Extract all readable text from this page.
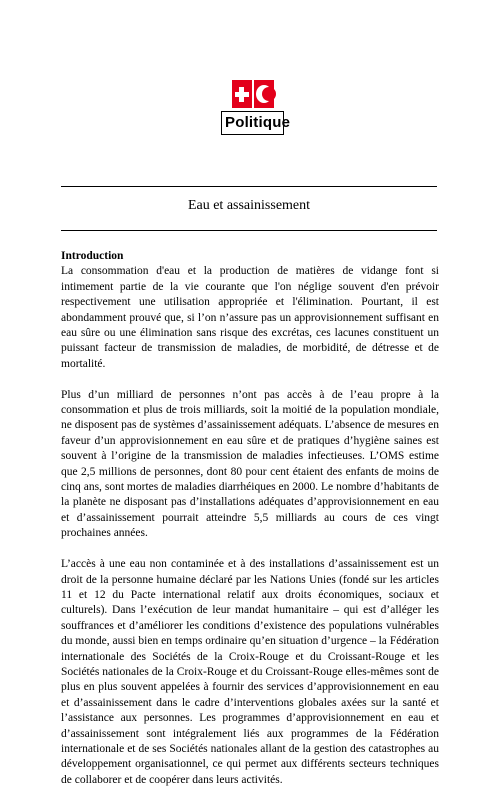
Politique
Eau et assainissement
Introduction

La consommation d'eau et la production de matières de vidange font si intimement partie de la vie courante que l'on néglige souvent d'en prévoir respectivement une utilisation appropriée et l'élimination. Pourtant, il est abondamment prouvé que, si l’on n’assure pas un approvisionnement suffisant en eau sûre ou une élimination sans risque des excrétas, ces lacunes constituent un puissant facteur de transmission de maladies, de morbidité, de détresse et de mortalité.

Plus d’un milliard de personnes n’ont pas accès à de l’eau propre à la consommation et plus de trois milliards, soit la moitié de la population mondiale, ne disposent pas de systèmes d’assainissement adéquats. L’absence de mesures en faveur d’un approvisionnement en eau sûre et de pratiques d’hygiène saines est souvent à l’origine de la transmission de maladies infectieuses. L’OMS estime que 2,5 millions de personnes, dont 80 pour cent étaient des enfants de moins de cinq ans, sont mortes de maladies diarrhéiques en 2000. Le nombre d’habitants de la planète ne disposant pas d’installations adéquates d’approvisionnement en eau et d’assainissement pourrait atteindre 5,5 milliards au cours de ces vingt prochaines années.

L’accès à une eau non contaminée et à des installations d’assainissement est un droit de la personne humaine déclaré par les Nations Unies (fondé sur les articles 11 et 12 du Pacte international relatif aux droits économiques, sociaux et culturels). Dans l’exécution de leur mandat humanitaire – qui est d’alléger les souffrances et d’améliorer les conditions d’existence des populations vulnérables du monde, aussi bien en temps ordinaire qu’en situation d’urgence – la Fédération internationale des Sociétés de la Croix-Rouge et du Croissant-Rouge et les Sociétés nationales de la Croix-Rouge et du Croissant-Rouge elles-mêmes sont de plus en plus souvent appelées à fournir des services d’approvisionnement en eau et d’assainissement dans le cadre d’interventions globales axées sur la santé et l’assistance aux personnes. Les programmes d’approvisionnement en eau et d’assainissement sont intégralement liés aux programmes de la Fédération internationale et de ses Sociétés nationales allant de la gestion des catastrophes au développement organisationnel, ce qui permet aux différents secteurs techniques de collaborer et de coopérer dans leurs activités.
